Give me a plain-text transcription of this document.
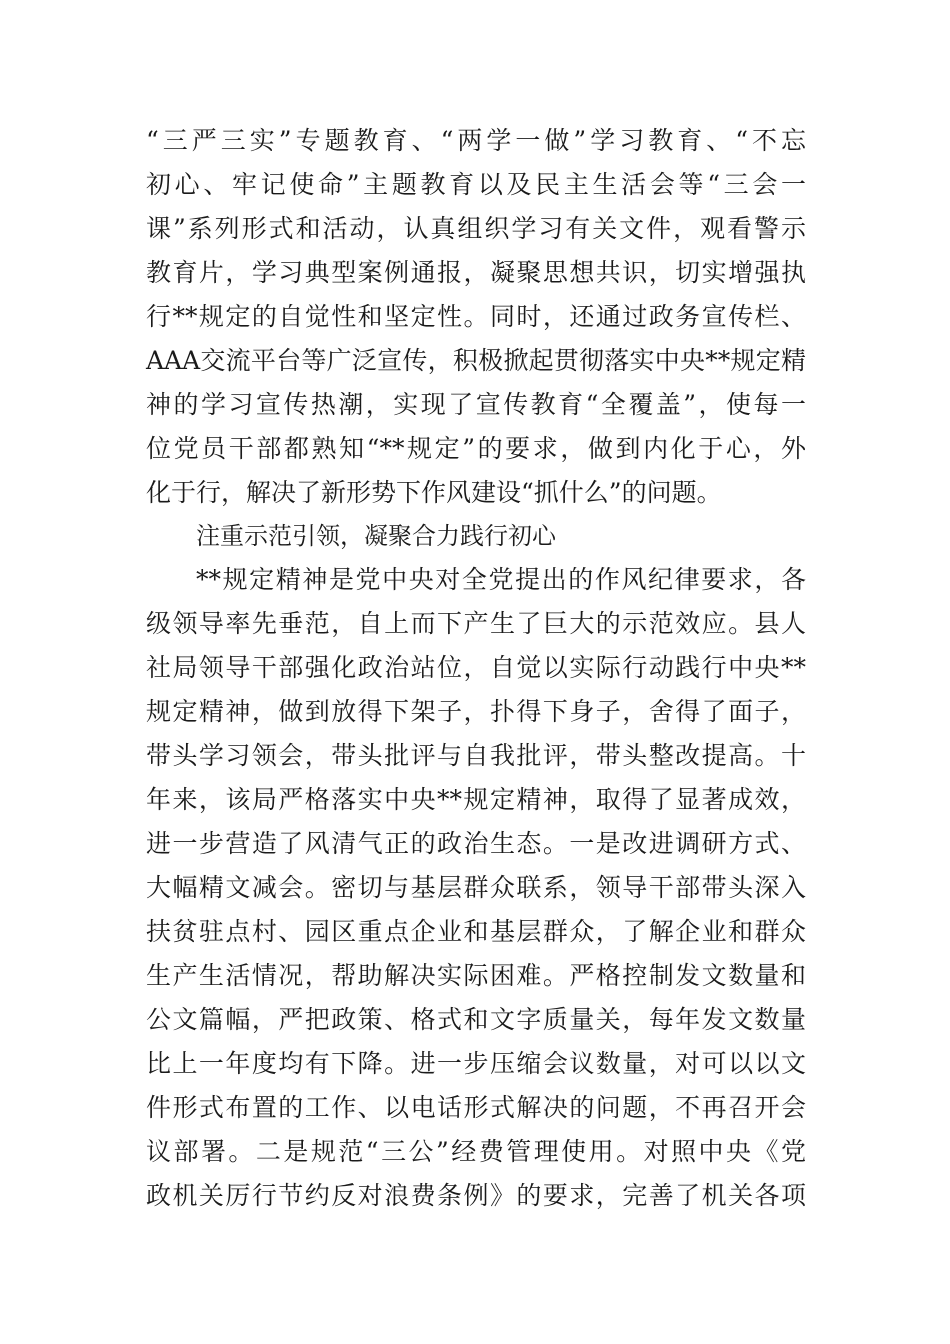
“三严三实”专题教育、“两学一做”学习教育、“不忘
初心、牢记使命”主题教育以及民主生活会等“三会一
课”系列形式和活动，认真组织学习有关文件，观看警示
教育片，学习典型案例通报，凝聚思想共识，切实增强执
行**规定的自觉性和坚定性。同时，还通过政务宣传栏、
AAA交流平台等广泛宣传，积极掀起贯彻落实中央**规定精
神的学习宣传热潮，实现了宣传教育“全覆盖”，使每一
位党员干部都熟知“**规定”的要求，做到内化于心，外
化于行，解决了新形势下作风建设“抓什么”的问题。
注重示范引领，凝聚合力践行初心
**规定精神是党中央对全党提出的作风纪律要求，各
级领导率先垂范，自上而下产生了巨大的示范效应。县人
社局领导干部强化政治站位，自觉以实际行动践行中央**
规定精神，做到放得下架子，扑得下身子，舍得了面子，
带头学习领会，带头批评与自我批评，带头整改提高。十
年来，该局严格落实中央**规定精神，取得了显著成效，
进一步营造了风清气正的政治生态。一是改进调研方式、
大幅精文减会。密切与基层群众联系，领导干部带头深入
扶贫驻点村、园区重点企业和基层群众，了解企业和群众
生产生活情况，帮助解决实际困难。严格控制发文数量和
公文篇幅，严把政策、格式和文字质量关，每年发文数量
比上一年度均有下降。进一步压缩会议数量，对可以以文
件形式布置的工作、以电话形式解决的问题，不再召开会
议部署。二是规范“三公”经费管理使用。对照中央《党
政机关厉行节约反对浪费条例》的要求，完善了机关各项
